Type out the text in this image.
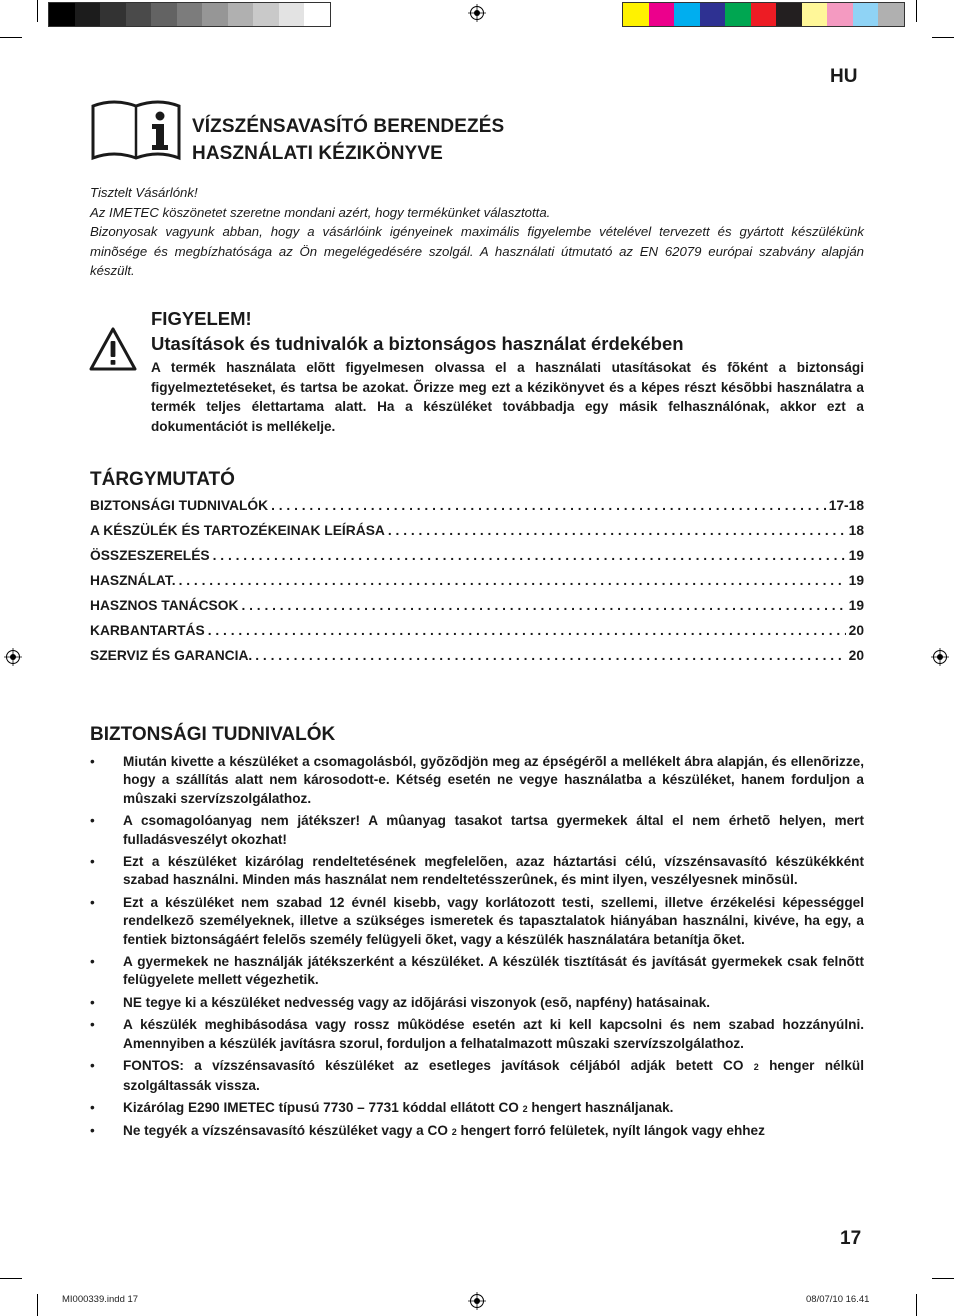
HU
VÍZSZÉNSAVASÍTÓ BERENDEZÉS
HASZNÁLATI KÉZIKÖNYVE

Tisztelt Vásárlónk!

Az IMETEC köszönetet szeretne mondani azért, hogy termékünket választotta.

Bizonyosak vagyunk abban, hogy a vásárlóink igényeinek maximális figyelembe vételével tervezett és gyártott készülékünk minõsége és megbízhatósága az Ön megelégedésére szolgál. A használati útmutató az EN 62079 európai szabvány alapján készült.

FIGYELEM!
Utasítások és tudnivalók a biztonságos használat érdekében
A termék használata elõtt figyelmesen olvassa el a használati utasításokat és fõként a biztonsági figyelmeztetéseket, és tartsa be azokat. Õrizze meg ezt a kézikönyvet és a képes részt késõbbi használatra a termék teljes élettartama alatt. Ha a készüléket továbbadja egy másik felhasználónak, akkor ezt a dokumentációt is mellékelje.
TÁRGYMUTATÓ
BIZTONSÁGI TUDNIVALÓK . . .	17-18
A KÉSZÜLÉK ÉS TARTOZÉKEINAK LEÍRÁSA . . .	18
ÖSSZESZERELÉS . . .	19
HASZNÁLAT. . . .	19
HASZNOS TANÁCSOK . . .	19
KARBANTARTÁS . . .	20
SZERVIZ ÉS GARANCIA. . . .	20
BIZTONSÁGI TUDNIVALÓK
• Miután kivette a készüléket a csomagolásból, gyõzõdjön meg az épségérõl a mellékelt ábra alapján, és ellenõrizze, hogy a szállítás alatt nem károsodott-e. Kétség esetén ne vegye használatba a készüléket, hanem forduljon a mûszaki szervízszolgálathoz.
• A csomagolóanyag nem játékszer! A mûanyag tasakot tartsa gyermekek által el nem érhetõ helyen, mert fulladásveszélyt okozhat!
• Ezt a készüléket kizárólag rendeltetésének megfelelõen, azaz háztartási célú, vízszénsavasító készükékként szabad használni. Minden más használat nem rendeltetésszerûnek, és mint ilyen, veszélyesnek minõsül.
• Ezt a készüléket nem szabad 12 évnél kisebb, vagy korlátozott testi, szellemi, illetve érzékelési képességgel rendelkezõ személyeknek, illetve a szükséges ismeretek és tapasztalatok hiányában használni, kivéve, ha egy, a fentiek biztonságáért felelõs személy felügyeli õket, vagy a készülék használatára betanítja õket.
• A gyermekek ne használják játékszerként a készüléket. A készülék tisztítását és javítását gyermekek csak felnõtt felügyelete mellett végezhetik.
• NE tegye ki a készüléket nedvesség vagy az idõjárási viszonyok (esõ, napfény) hatásainak.
• A készülék meghibásodása vagy rossz mûködése esetén azt ki kell kapcsolni és nem szabad hozzányúlni. Amennyiben a készülék javításra szorul, forduljon a felhatalmazott mûszaki szervízszolgálathoz.
• FONTOS: a vízszénsavasító készüléket az esetleges javítások céljából adják betett CO 2 henger nélkül szolgáltassák vissza.
• Kizárólag E290 IMETEC típusú 7730 – 7731 kóddal ellátott CO 2 hengert használjanak.
• Ne tegyék a vízszénsavasító készüléket vagy a CO 2 hengert forró felületek, nyílt lángok vagy ehhez
17
MI000339.indd 17	08/07/10 16.41
